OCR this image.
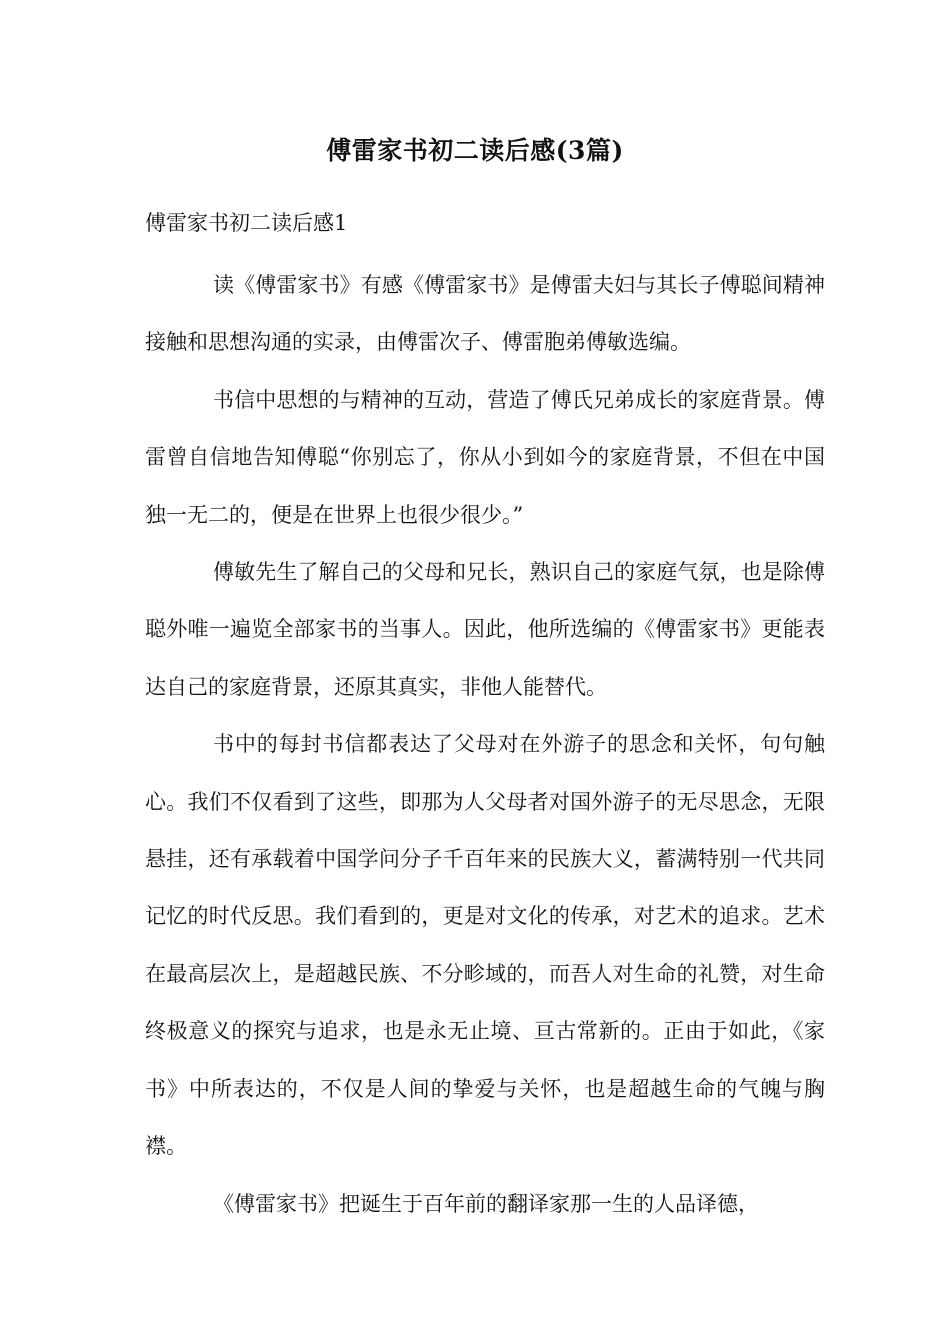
傅雷家书初二读后感(3篇)
傅雷家书初二读后感1

读《傅雷家书》有感《傅雷家书》是傅雷夫妇与其长子傅聪间精神接触和思想沟通的实录，由傅雷次子、傅雷胞弟傅敏选编。

书信中思想的与精神的互动，营造了傅氏兄弟成长的家庭背景。傅雷曾自信地告知傅聪“你别忘了，你从小到如今的家庭背景，不但在中国独一无二的，便是在世界上也很少很少。”

傅敏先生了解自己的父母和兄长，熟识自己的家庭气氛，也是除傅聪外唯一遍览全部家书的当事人。因此，他所选编的《傅雷家书》更能表达自己的家庭背景，还原其真实，非他人能替代。

书中的每封书信都表达了父母对在外游子的思念和关怀，句句触心。我们不仅看到了这些，即那为人父母者对国外游子的无尽思念，无限悬挂，还有承载着中国学问分子千百年来的民族大义，蓄满特别一代共同记忆的时代反思。我们看到的，更是对文化的传承，对艺术的追求。艺术在最高层次上，是超越民族、不分畛域的，而吾人对生命的礼赞，对生命终极意义的探究与追求，也是永无止境、亘古常新的。正由于如此，《家书》中所表达的，不仅是人间的挚爱与关怀，也是超越生命的气魄与胸襟。

《傅雷家书》把诞生于百年前的翻译家那一生的人品译德，
